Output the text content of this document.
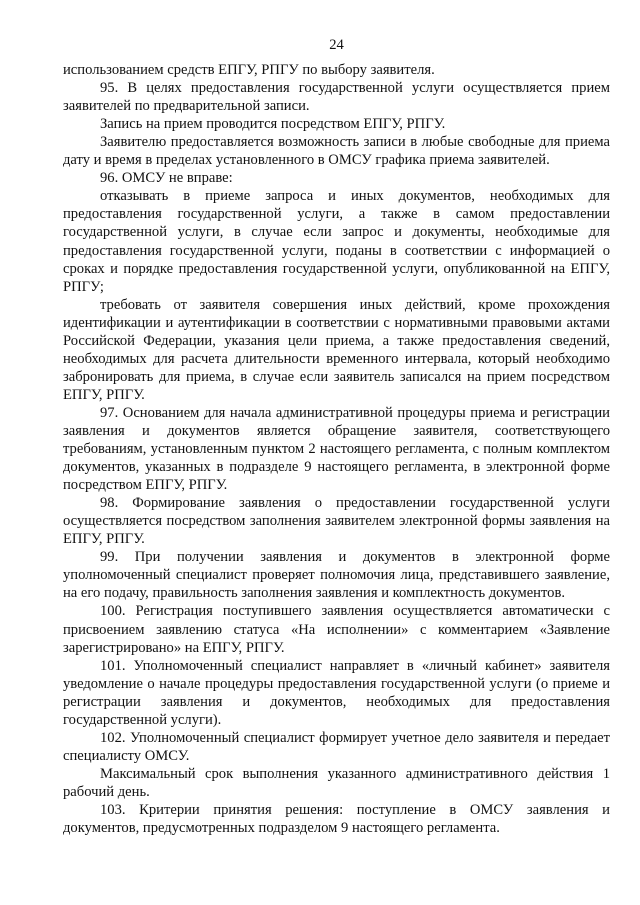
24

использованием средств ЕПГУ, РПГУ по выбору заявителя.

95. В целях предоставления государственной услуги осуществляется прием заявителей по предварительной записи.

Запись на прием проводится посредством ЕПГУ, РПГУ.

Заявителю предоставляется возможность записи в любые свободные для приема дату и время в пределах установленного в ОМСУ графика приема заявителей.

96. ОМСУ не вправе:

отказывать в приеме запроса и иных документов, необходимых для предоставления государственной услуги, а также в самом предоставлении государственной услуги, в случае если запрос и документы, необходимые для предоставления государственной услуги, поданы в соответствии с информацией о сроках и порядке предоставления государственной услуги, опубликованной на ЕПГУ, РПГУ;

требовать от заявителя совершения иных действий, кроме прохождения идентификации и аутентификации в соответствии с нормативными правовыми актами Российской Федерации, указания цели приема, а также предоставления сведений, необходимых для расчета длительности временного интервала, который необходимо забронировать для приема, в случае если заявитель записался на прием посредством ЕПГУ, РПГУ.

97. Основанием для начала административной процедуры приема и регистрации заявления и документов является обращение заявителя, соответствующего требованиям, установленным пунктом 2 настоящего регламента, с полным комплектом документов, указанных в подразделе 9 настоящего регламента, в электронной форме посредством ЕПГУ, РПГУ.

98. Формирование заявления о предоставлении государственной услуги осуществляется посредством заполнения заявителем электронной формы заявления на ЕПГУ, РПГУ.

99. При получении заявления и документов в электронной форме уполномоченный специалист проверяет полномочия лица, представившего заявление, на его подачу, правильность заполнения заявления и комплектность документов.

100. Регистрация поступившего заявления осуществляется автоматически с присвоением заявлению статуса «На исполнении» с комментарием «Заявление зарегистрировано» на ЕПГУ, РПГУ.

101. Уполномоченный специалист направляет в «личный кабинет» заявителя уведомление о начале процедуры предоставления государственной услуги (о приеме и регистрации заявления и документов, необходимых для предоставления государственной услуги).

102. Уполномоченный специалист формирует учетное дело заявителя и передает специалисту ОМСУ.

Максимальный срок выполнения указанного административного действия 1 рабочий день.

103. Критерии принятия решения: поступление в ОМСУ заявления и документов, предусмотренных подразделом 9 настоящего регламента.
